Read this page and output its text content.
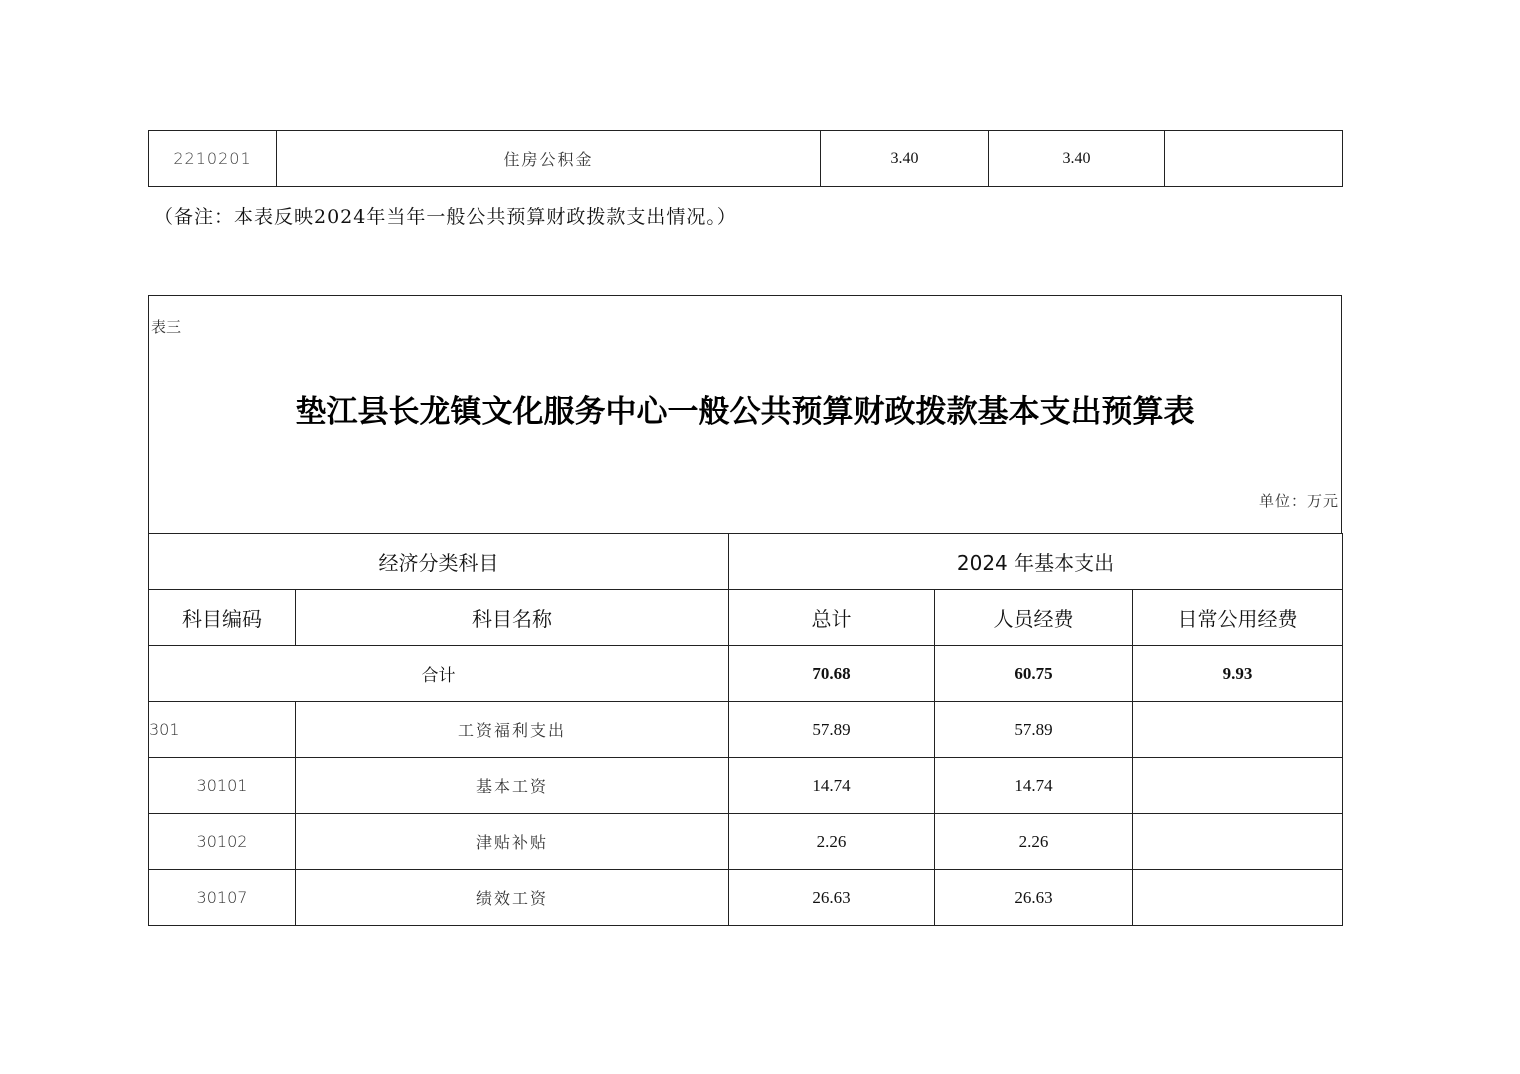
2210201	住房公积金	3.40	3.40	
（备注：本表反映2024年当年一般公共预算财政拨款支出情况。）
表三
垫江县长龙镇文化服务中心一般公共预算财政拨款基本支出预算表
单位：万元
经济分类科目		2024 年基本支出		
科目编码	科目名称	总计	人员经费	日常公用经费
合计		70.68	60.75	9.93
301	工资福利支出	57.89	57.89	
30101	基本工资	14.74	14.74	
30102	津贴补贴	2.26	2.26	
30107	绩效工资	26.63	26.63	
